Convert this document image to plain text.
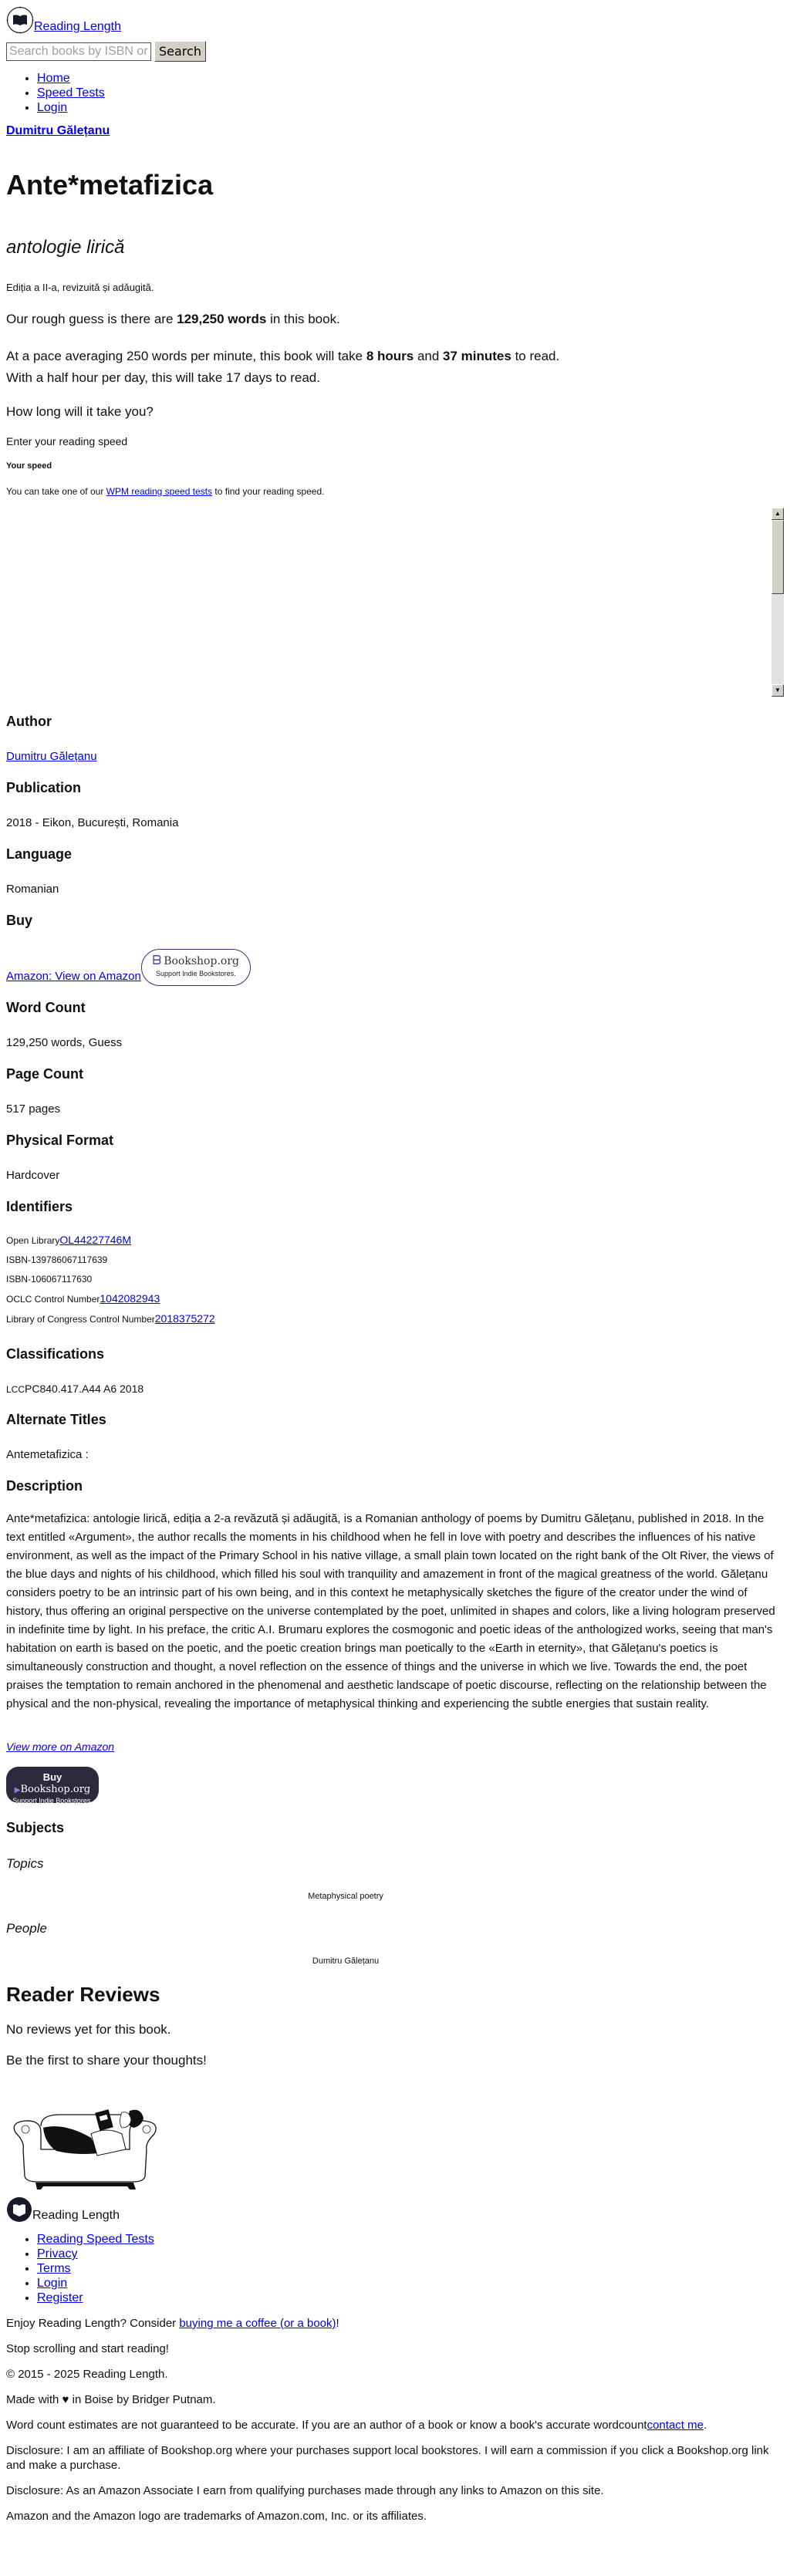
Reading Length
Search books by ISBN or title
Search
• Home
• Speed Tests
• Login
Dumitru Gălețanu
Ante*metafizica
antologie lirică

Ediția a II-a, revizuită și adăugită.

Our rough guess is there are 129,250 words in this book.

At a pace averaging 250 words per minute, this book will take 8 hours and 37 minutes to read.
With a half hour per day, this will take 17 days to read.

How long will it take you?

Enter your reading speed

Your speed

You can take one of our WPM reading speed tests to find your reading speed.

▲
▼
Author

Dumitru Gălețanu

Publication

2018 - Eikon, București, Romania

Language

Romanian

Buy
Amazon: View on Amazon
ᗷ Bookshop.org
Support Indie Bookstores.
Word Count

129,250 words, Guess

Page Count

517 pages

Physical Format

Hardcover

Identifiers

Open LibraryOL44227746M

ISBN-139786067117639

ISBN-106067117630

OCLC Control Number1042082943

Library of Congress Control Number2018375272

Classifications

LCCPC840.417.A44 A6 2018

Alternate Titles

Antemetafizica :

Description

Ante*metafizica: antologie lirică, ediția a 2-a revăzută și adăugită, is a Romanian anthology of poems by Dumitru Gălețanu, published in 2018. In the text entitled «Argument», the author recalls the moments in his childhood when he fell in love with poetry and describes the influences of his native environment, as well as the impact of the Primary School in his native village, a small plain town located on the right bank of the Olt River, the views of the blue days and nights of his childhood, which filled his soul with tranquility and amazement in front of the magical greatness of the world. Gălețanu considers poetry to be an intrinsic part of his own being, and in this context he metaphysically sketches the figure of the creator under the wind of history, thus offering an original perspective on the universe contemplated by the poet, unlimited in shapes and colors, like a living hologram preserved in indefinite time by light. In his preface, the critic A.I. Brumaru explores the cosmogonic and poetic ideas of the anthologized works, seeing that man's habitation on earth is based on the poetic, and the poetic creation brings man poetically to the «Earth in eternity», that Gălețanu's poetics is simultaneously construction and thought, a novel reflection on the essence of things and the universe in which we live. Towards the end, the poet praises the temptation to remain anchored in the phenomenal and aesthetic landscape of poetic discourse, reflecting on the relationship between the physical and the non-physical, revealing the importance of metaphysical thinking and experiencing the subtle energies that sustain reality.

View more on Amazon
Buy ▶Bookshop.org
Support Indie Bookstores.
Subjects

Topics

Metaphysical poetry

People

Dumitru Gălețanu

Reader Reviews

No reviews yet for this book.

Be the first to share your thoughts!

Reading Length
• Reading Speed Tests
• Privacy
• Terms
• Login
• Register

Enjoy Reading Length? Consider buying me a coffee (or a book)!

Stop scrolling and start reading!

© 2015 - 2025 Reading Length.

Made with ♥ in Boise by Bridger Putnam.

Word count estimates are not guaranteed to be accurate. If you are an author of a book or know a book's accurate wordcountcontact me.

Disclosure: I am an affiliate of Bookshop.org where your purchases support local bookstores. I will earn a commission if you click a Bookshop.org link and make a purchase.

Disclosure: As an Amazon Associate I earn from qualifying purchases made through any links to Amazon on this site.

Amazon and the Amazon logo are trademarks of Amazon.com, Inc. or its affiliates.
